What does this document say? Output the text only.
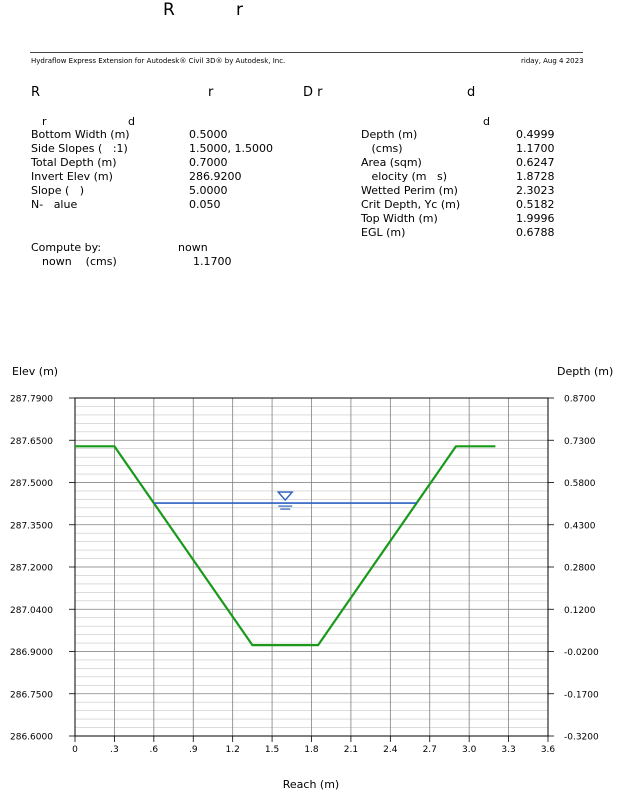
R	r
Hydraflow Express Extension for Autodesk® Civil 3D® by Autodesk, Inc.	riday, Aug 4 2023
R	r	D r	d
r	d	d
Bottom Width (m)	0.5000
Side Slopes (   :1)	1.5000, 1.5000
Total Depth (m)	0.7000
Invert Elev (m)	286.9200
Slope (   )	5.0000
N-   alue	0.050
Depth (m)	0.4999
(cms)	1.1700
Area (sqm)	0.6247
elocity (m   s)	1.8728
Wetted Perim (m)	2.3023
Crit Depth, Yc (m)	0.5182
Top Width (m)	1.9996
EGL (m)	0.6788
Compute by:	nown
nown    (cms)	1.1700
287.7900	0.8700
287.6500	0.7300
287.5000	0.5800
287.3500	0.4300
287.2000	0.2800
287.0400	0.1200
286.9000	-0.0200
286.7500	-0.1700
286.6000	-0.3200
0	.3	.6	.9	1.2	1.5	1.8	2.1	2.4	2.7	3.0	3.3	3.6
Elev (m)	Depth (m)
Reach (m)
